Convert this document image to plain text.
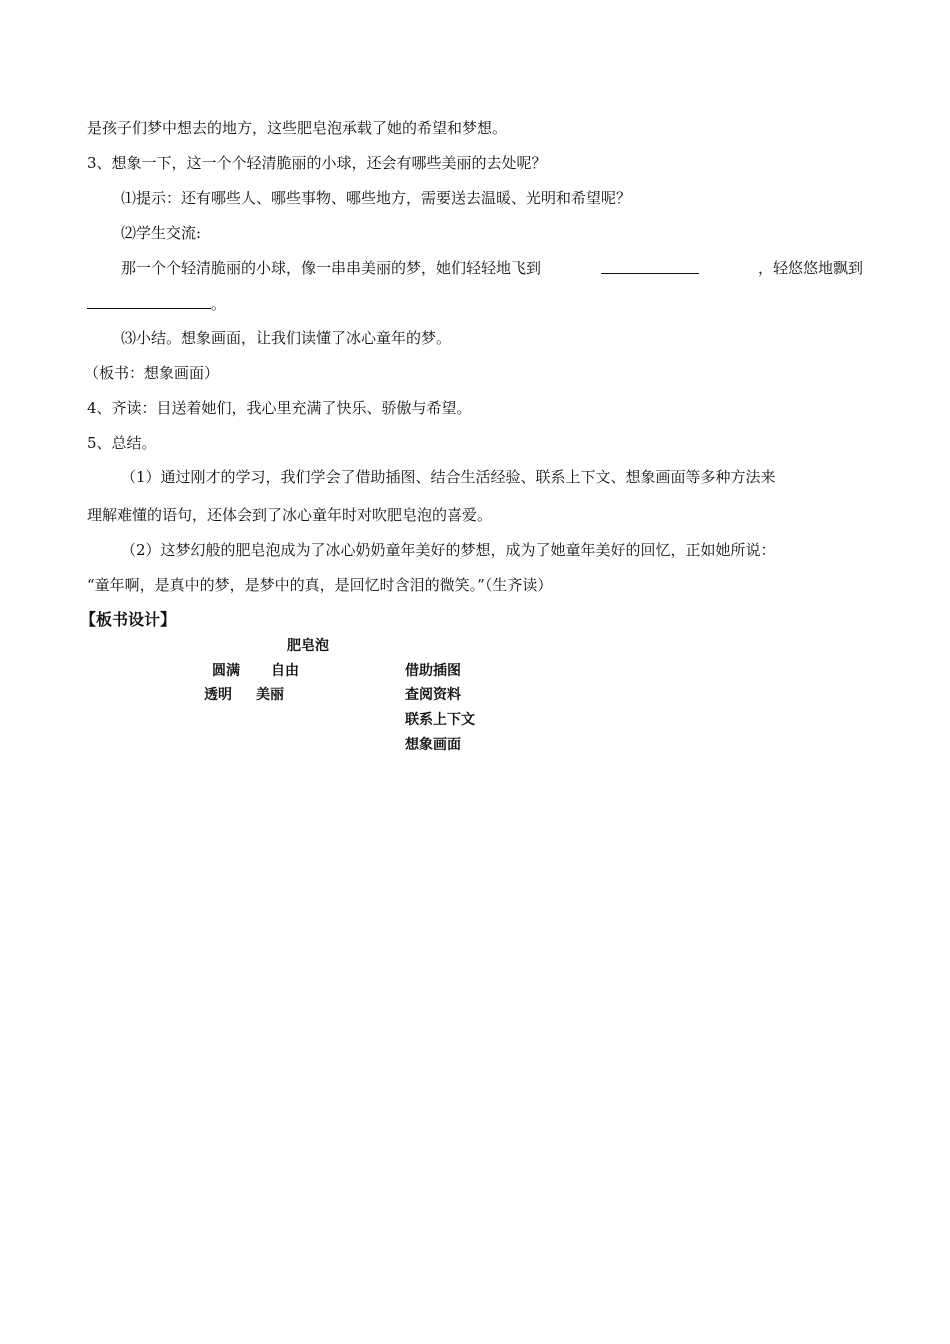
是孩子们梦中想去的地方，这些肥皂泡承载了她的希望和梦想。
3、想象一下，这一个个轻清脆丽的小球，还会有哪些美丽的去处呢？
⑴提示：还有哪些人、哪些事物、哪些地方，需要送去温暖、光明和希望呢？
⑵学生交流:
那一个个轻清脆丽的小球，像一串串美丽的梦，她们轻轻地飞到	，轻悠悠地飘到
。
⑶小结。想象画面，让我们读懂了冰心童年的梦。
（板书：想象画面）
4、齐读：目送着她们，我心里充满了快乐、骄傲与希望。
5、总结。
（1）通过刚才的学习，我们学会了借助插图、结合生活经验、联系上下文、想象画面等多种方法来
理解难懂的语句，还体会到了冰心童年时对吹肥皂泡的喜爱。
（2）这梦幻般的肥皂泡成为了冰心奶奶童年美好的梦想，成为了她童年美好的回忆，正如她所说：
“童年啊，是真中的梦，是梦中的真，是回忆时含泪的微笑。”（生齐读）
【板书设计】
肥皂泡
圆满 自由
透明 美丽
借助插图
查阅资料
联系上下文
想象画面
